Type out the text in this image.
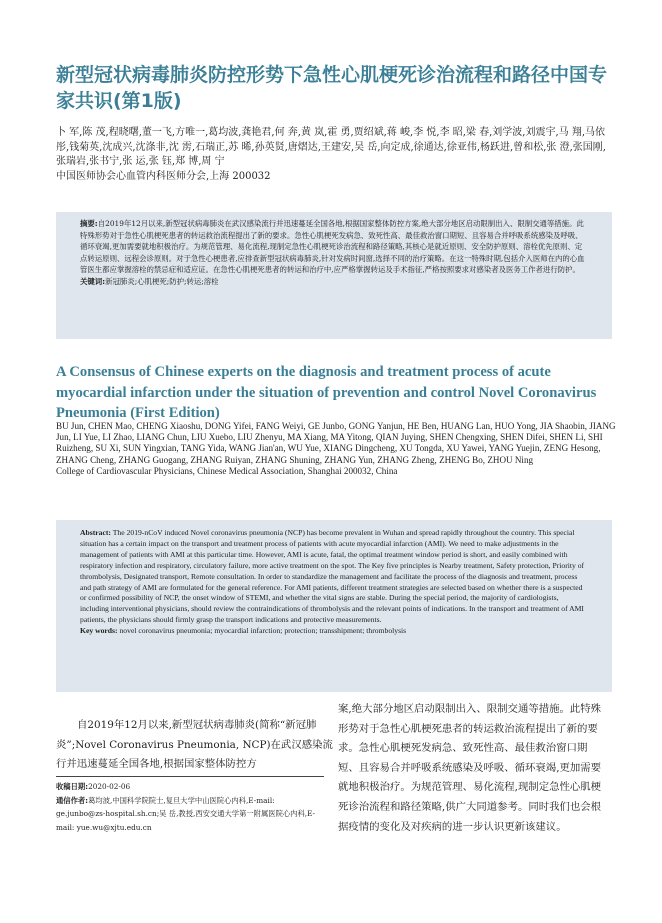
新型冠状病毒肺炎防控形势下急性心肌梗死诊治流程和路径中国专家共识(第1版)

卜 军,陈 茂,程晓曙,董一飞,方唯一,葛均波,龚艳君,何 奔,黄 岚,霍 勇,贾绍斌,蒋 峻,李 悦,李 昭,梁 春,刘学波,刘震宇,马 翔,马依彤,钱菊英,沈成兴,沈涤非,沈 雳,石瑞正,苏 晞,孙英贤,唐熠达,王建安,吴 岳,向定成,徐通达,徐亚伟,杨跃进,曾和松,张 澄,张国刚,张瑞岩,张书宁,张 运,张 钰,郑 博,周 宁
中国医师协会心血管内科医师分会,上海 200032

摘要:自2019年12月以来,新型冠状病毒肺炎在武汉感染流行并迅速蔓延全国各地,根据国家整体防控方案,绝大部分地区启动限制出入、限制交通等措施。此特殊形势对于急性心肌梗死患者的转运救治流程提出了新的要求。急性心肌梗死发病急、致死性高、最佳救治窗口期短、且容易合并呼吸系统感染及呼吸、循环衰竭,更加需要就地积极治疗。为规范管理、易化流程,现制定急性心肌梗死诊治流程和路径策略,其核心是就近原则、安全防护原则、溶栓优先原则、定点转运原则、远程会诊原则。对于急性心梗患者,应排查新型冠状病毒肺炎,针对发病时间窗,选择不同的治疗策略。在这一特殊时期,包括介入医师在内的心血管医生都应掌握溶栓的禁忌症和适应证。在急性心肌梗死患者的转运和治疗中,应严格掌握转运及手术指征,严格按照要求对感染者及医务工作者进行防护。

关键词:新冠肺炎;心肌梗死;防护;转运;溶栓

A Consensus of Chinese experts on the diagnosis and treatment process of acute myocardial infarction under the situation of prevention and control Novel Coronavirus Pneumonia (First Edition)

BU Jun, CHEN Mao, CHENG Xiaoshu, DONG Yifei, FANG Weiyi, GE Junbo, GONG Yanjun, HE Ben, HUANG Lan, HUO Yong, JIA Shaobin, JIANG Jun, LI Yue, LI Zhao, LIANG Chun, LIU Xuebo, LIU Zhenyu, MA Xiang, MA Yitong, QIAN Juying, SHEN Chengxing, SHEN Difei, SHEN Li, SHI Ruizheng, SU Xi, SUN Yingxian, TANG Yida, WANG Jian'an, WU Yue, XIANG Dingcheng, XU Tongda, XU Yawei, YANG Yuejin, ZENG Hesong, ZHANG Cheng, ZHANG Guogang, ZHANG Ruiyan, ZHANG Shuning, ZHANG Yun, ZHANG Zheng, ZHENG Bo, ZHOU Ning
College of Cardiovascular Physicians, Chinese Medical Association, Shanghai 200032, China

Abstract: The 2019-nCoV induced Novel coronavirus pneumonia (NCP) has become prevalent in Wuhan and spread rapidly throughout the country. This special situation has a certain impact on the transport and treatment process of patients with acute myocardial infarction (AMI). We need to make adjustments in the management of patients with AMI at this particular time. However, AMI is acute, fatal, the optimal treatment window period is short, and easily combined with respiratory infection and respiratory, circulatory failure, more active treatment on the spot. The Key five principles is Nearby treatment, Safety protection, Priority of thrombolysis, Designated transport, Remote consultation. In order to standardize the management and facilitate the process of the diagnosis and treatment, process and path strategy of AMI are formulated for the general reference. For AMI patients, different treatment strategies are selected based on whether there is a suspected or confirmed possibility of NCP, the onset window of STEMI, and whether the vital signs are stable. During the special period, the majority of cardiologists, including interventional physicians, should review the contraindications of thrombolysis and the relevant points of indications. In the transport and treatment of AMI patients, the physicians should firmly grasp the transport indications and protective measurements.

Key words: novel coronavirus pneumonia; myocardial infarction; protection; transshipment; thrombolysis

自2019年12月以来,新型冠状病毒肺炎(简称“新冠肺炎”;Novel Coronavirus Pneumonia, NCP)在武汉感染流行并迅速蔓延全国各地,根据国家整体防控方

收稿日期:2020-02-06

通信作者:葛均波,中国科学院院士,复旦大学中山医院心内科,E-mail: ge.junbo@zs-hospital.sh.cn;吴 岳,教授,西安交通大学第一附属医院心内科,E-mail: yue.wu@xjtu.edu.cn

案,绝大部分地区启动限制出入、限制交通等措施。此特殊形势对于急性心肌梗死患者的转运救治流程提出了新的要求。急性心肌梗死发病急、致死性高、最佳救治窗口期短、且容易合并呼吸系统感染及呼吸、循环衰竭,更加需要就地积极治疗。为规范管理、易化流程,现制定急性心肌梗死诊治流程和路径策略,供广大同道参考。同时我们也会根据疫情的变化及对疾病的进一步认识更新该建议。
